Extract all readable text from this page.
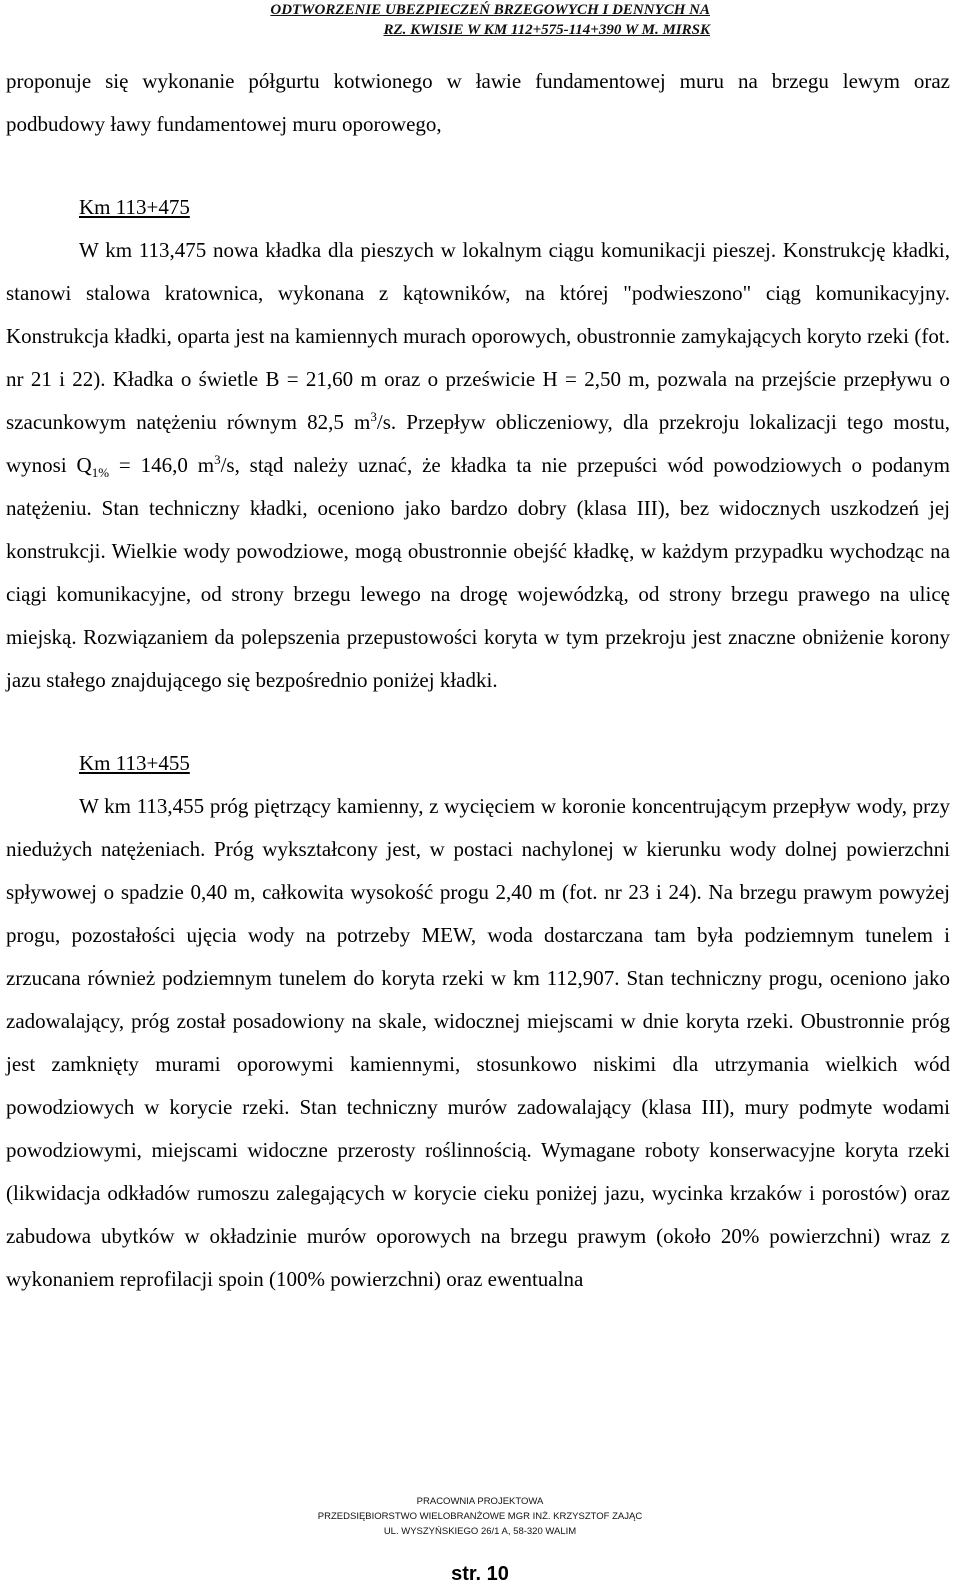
ODTWORZENIE UBEZPIECZEŃ BRZEGOWYCH I DENNYCH NA
RZ. KWISIE W KM 112+575-114+390 W M. MIRSK

proponuje się wykonanie półgurtu kotwionego w ławie fundamentowej muru na brzegu lewym oraz podbudowy ławy fundamentowej muru oporowego,

Km 113+475

W km 113,475 nowa kładka dla pieszych w lokalnym ciągu komunikacji pieszej. Konstrukcję kładki, stanowi stalowa kratownica, wykonana z kątowników, na której "podwieszono" ciąg komunikacyjny. Konstrukcja kładki, oparta jest na kamiennych murach oporowych, obustronnie zamykających koryto rzeki (fot. nr 21 i 22). Kładka o świetle B = 21,60 m oraz o prześwicie H = 2,50 m, pozwala na przejście przepływu o szacunkowym natężeniu równym 82,5 $m^3/s$. Przepływ obliczeniowy, dla przekroju lokalizacji tego mostu, wynosi $Q_{1\%} = 146,0$ $m^3/s$, stąd należy uznać, że kładka ta nie przepuści wód powodziowych o podanym natężeniu. Stan techniczny kładki, oceniono jako bardzo dobry (klasa III), bez widocznych uszkodzeń jej konstrukcji. Wielkie wody powodziowe, mogą obustronnie obejść kładkę, w każdym przypadku wychodząc na ciągi komunikacyjne, od strony brzegu lewego na drogę wojewódzką, od strony brzegu prawego na ulicę miejską. Rozwiązaniem da polepszenia przepustowości koryta w tym przekroju jest znaczne obniżenie korony jazu stałego znajdującego się bezpośrednio poniżej kładki.

Km 113+455

W km 113,455 próg piętrzący kamienny, z wycięciem w koronie koncentrującym przepływ wody, przy niedużych natężeniach. Próg wykształcony jest, w postaci nachylonej w kierunku wody dolnej powierzchni spływowej o spadzie 0,40 m, całkowita wysokość progu 2,40 m (fot. nr 23 i 24). Na brzegu prawym powyżej progu, pozostałości ujęcia wody na potrzeby MEW, woda dostarczana tam była podziemnym tunelem i zrzucana również podziemnym tunelem do koryta rzeki w km 112,907. Stan techniczny progu, oceniono jako zadowalający, próg został posadowiony na skale, widocznej miejscami w dnie koryta rzeki. Obustronnie próg jest zamknięty murami oporowymi kamiennymi, stosunkowo niskimi dla utrzymania wielkich wód powodziowych w korycie rzeki. Stan techniczny murów zadowalający (klasa III), mury podmyte wodami powodziowymi, miejscami widoczne przerosty roślinnością. Wymagane roboty konserwacyjne koryta rzeki (likwidacja odkładów rumoszu zalegających w korycie cieku poniżej jazu, wycinka krzaków i porostów) oraz zabudowa ubytków w okładzinie murów oporowych na brzegu prawym (około 20% powierzchni) wraz z wykonaniem reprofilacji spoin (100% powierzchni) oraz ewentualna

PRACOWNIA PROJEKTOWA
PRZEDSIĘBIORSTWO WIELOBRANŻOWE MGR INŻ. KRZYSZTOF ZAJĄC
UL. WYSZYŃSKIEGO 26/1 A, 58-320 WALIM
str. 10
